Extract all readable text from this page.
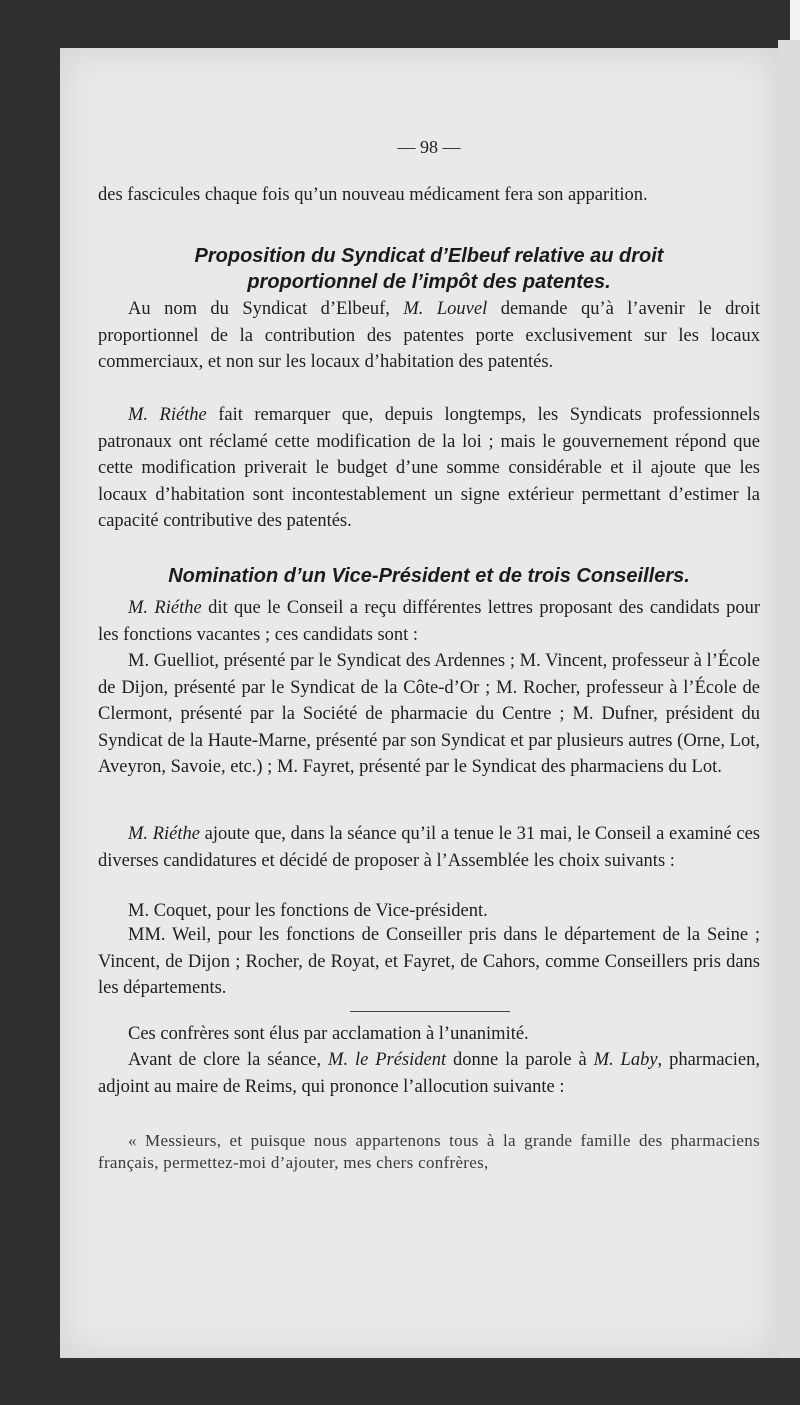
— 98 —

des fascicules chaque fois qu’un nouveau médicament fera son apparition.

Proposition du Syndicat d’Elbeuf relative au droit

proportionnel de l’impôt des patentes.

Au nom du Syndicat d’Elbeuf, M. Louvel demande qu’à l’avenir le droit proportionnel de la contribution des patentes porte exclusivement sur les locaux commerciaux, et non sur les locaux d’habitation des patentés.

M. Riéthe fait remarquer que, depuis longtemps, les Syndicats professionnels patronaux ont réclamé cette modification de la loi ; mais le gouvernement répond que cette modification priverait le budget d’une somme considérable et il ajoute que les locaux d’habitation sont incontestablement un signe extérieur permettant d’estimer la capacité contributive des patentés.

Nomination d’un Vice-Président et de trois Conseillers.

M. Riéthe dit que le Conseil a reçu différentes lettres proposant des candidats pour les fonctions vacantes ; ces candidats sont :

M. Guelliot, présenté par le Syndicat des Ardennes ; M. Vincent, professeur à l’École de Dijon, présenté par le Syndicat de la Côte-d’Or ; M. Rocher, professeur à l’École de Clermont, présenté par la Société de pharmacie du Centre ; M. Dufner, président du Syndicat de la Haute-Marne, présenté par son Syndicat et par plusieurs autres (Orne, Lot, Aveyron, Savoie, etc.) ; M. Fayret, présenté par le Syndicat des pharmaciens du Lot.

M. Riéthe ajoute que, dans la séance qu’il a tenue le 31 mai, le Conseil a examiné ces diverses candidatures et décidé de proposer à l’Assemblée les choix suivants :

M. Coquet, pour les fonctions de Vice-président.

MM. Weil, pour les fonctions de Conseiller pris dans le département de la Seine ; Vincent, de Dijon ; Rocher, de Royat, et Fayret, de Cahors, comme Conseillers pris dans les départements.

Ces confrères sont élus par acclamation à l’unanimité.

Avant de clore la séance, M. le Président donne la parole à M. Laby, pharmacien, adjoint au maire de Reims, qui prononce l’allocution suivante :

« Messieurs, et puisque nous appartenons tous à la grande famille des pharmaciens français, permettez-moi d’ajouter, mes chers confrères,
